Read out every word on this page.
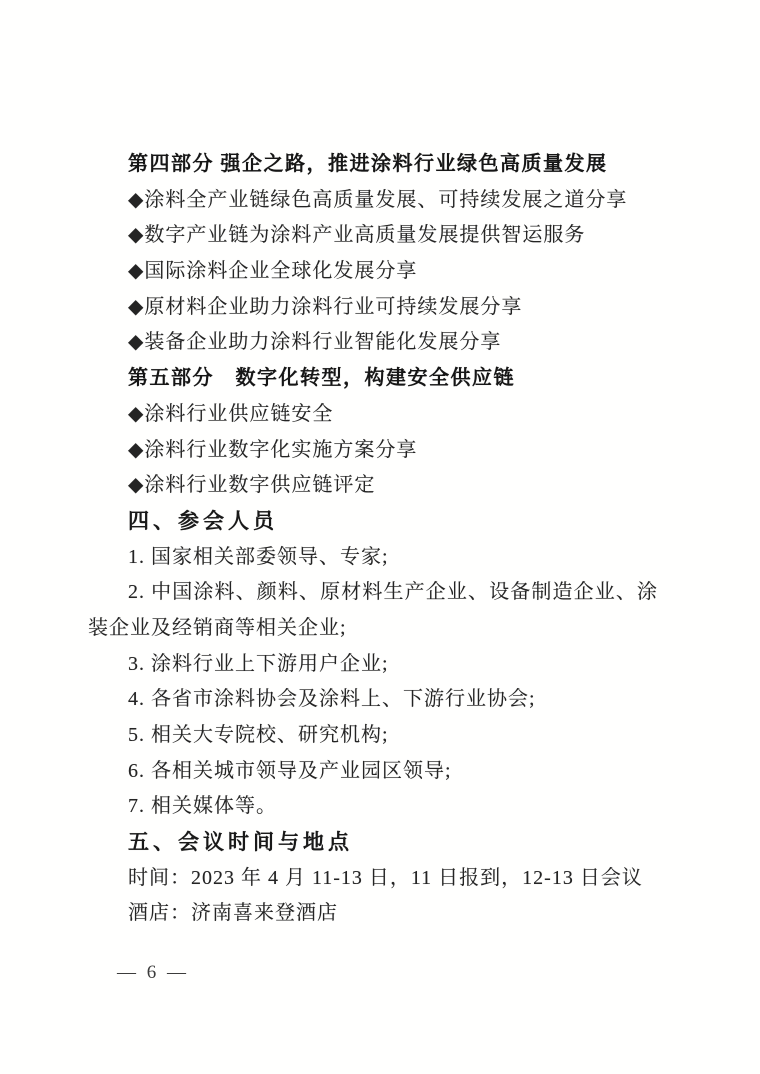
第四部分 强企之路，推进涂料行业绿色高质量发展
◆涂料全产业链绿色高质量发展、可持续发展之道分享
◆数字产业链为涂料产业高质量发展提供智运服务
◆国际涂料企业全球化发展分享
◆原材料企业助力涂料行业可持续发展分享
◆装备企业助力涂料行业智能化发展分享
第五部分　数字化转型，构建安全供应链
◆涂料行业供应链安全
◆涂料行业数字化实施方案分享
◆涂料行业数字供应链评定
四、参会人员
1. 国家相关部委领导、专家;
2. 中国涂料、颜料、原材料生产企业、设备制造企业、涂
装企业及经销商等相关企业;
3. 涂料行业上下游用户企业;
4. 各省市涂料协会及涂料上、下游行业协会;
5. 相关大专院校、研究机构;
6. 各相关城市领导及产业园区领导;
7. 相关媒体等。
五、会议时间与地点
时间：2023 年 4 月 11-13 日，11 日报到，12-13 日会议
酒店：济南喜来登酒店
— 6 —
